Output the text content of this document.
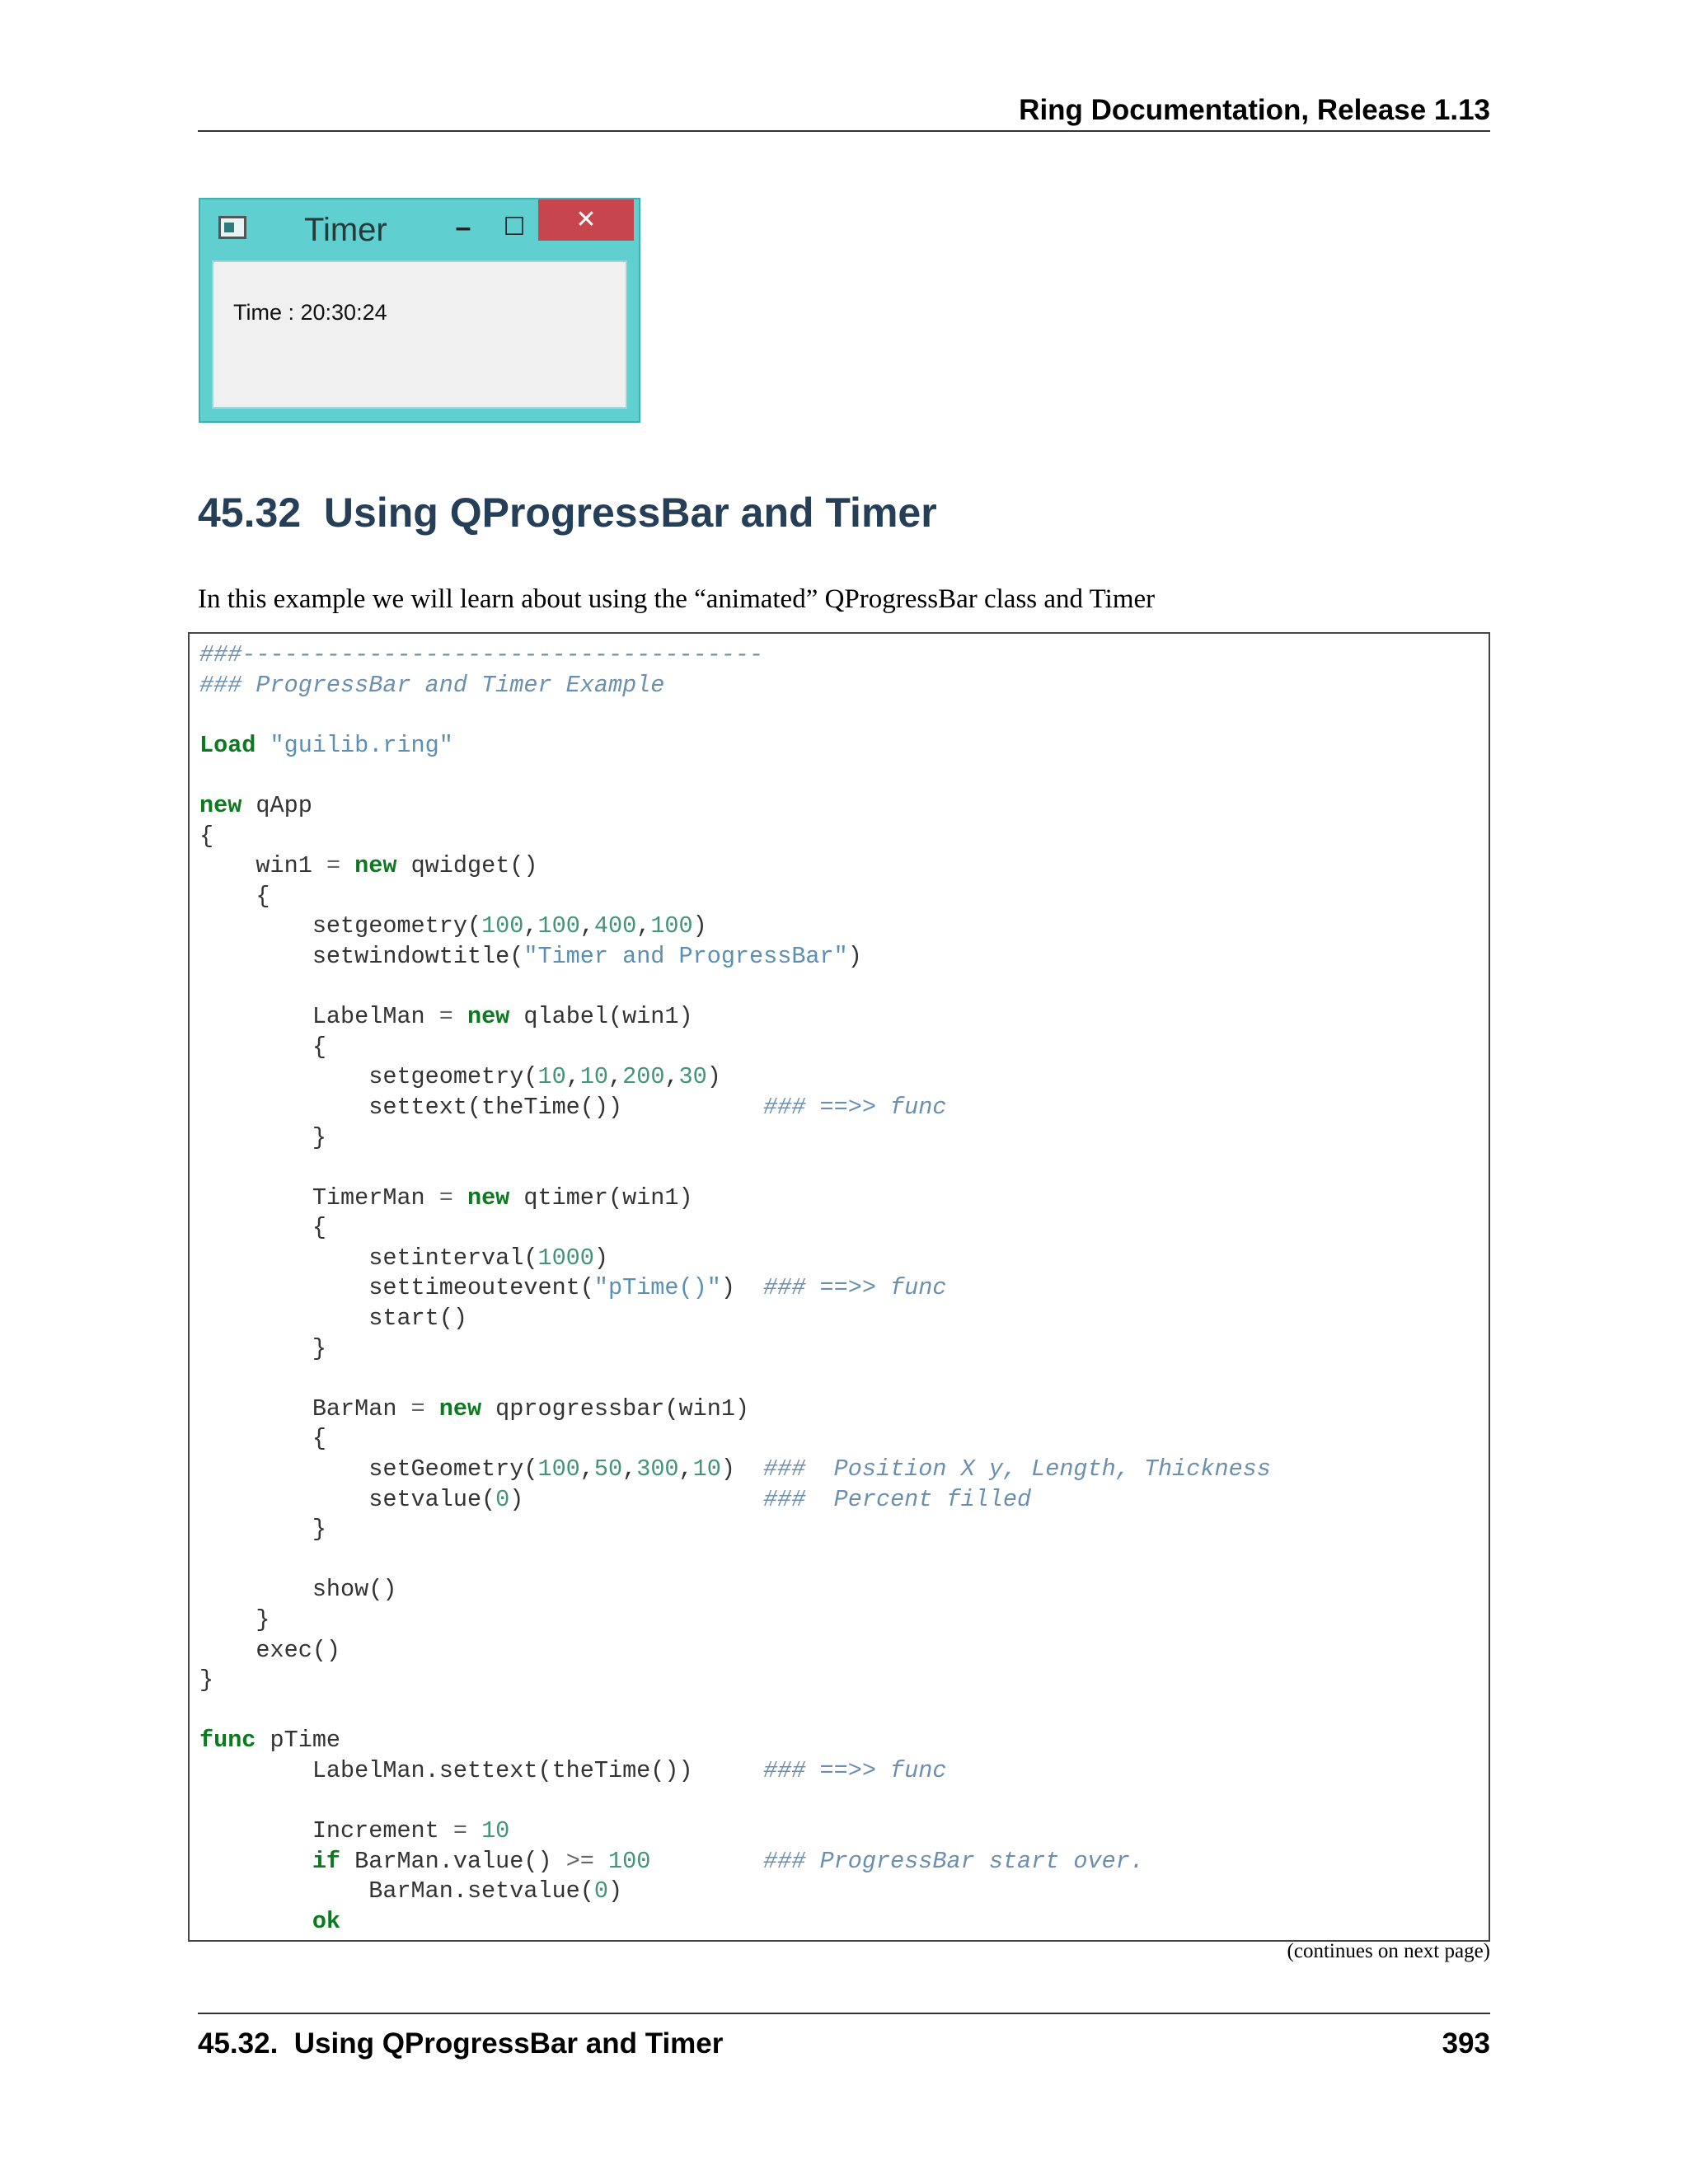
Ring Documentation, Release 1.13
Timer	–	☐	✕
Time : 20:30:24
45.32 Using QProgressBar and Timer

In this example we will learn about using the “animated” QProgressBar class and Timer

###-------------------------------------
### ProgressBar and Timer Example

Load "guilib.ring"

new qApp
{
win1 = new qwidget()
{
setgeometry(100,100,400,100)
setwindowtitle("Timer and ProgressBar")

LabelMan = new qlabel(win1)
{
setgeometry(10,10,200,30)
settext(theTime())          ### ==>> func
}

TimerMan = new qtimer(win1)
{
setinterval(1000)
settimeoutevent("pTime()")  ### ==>> func
start()
}

BarMan = new qprogressbar(win1)
{
setGeometry(100,50,300,10)  ###  Position X y, Length, Thickness
setvalue(0)                 ###  Percent filled
}

show()
}
exec()
}

func pTime
LabelMan.settext(theTime())     ### ==>> func

Increment = 10
if BarMan.value() >= 100	### ProgressBar start over.
BarMan.setvalue(0)
ok
(continues on next page)
45.32.  Using QProgressBar and Timer	393
